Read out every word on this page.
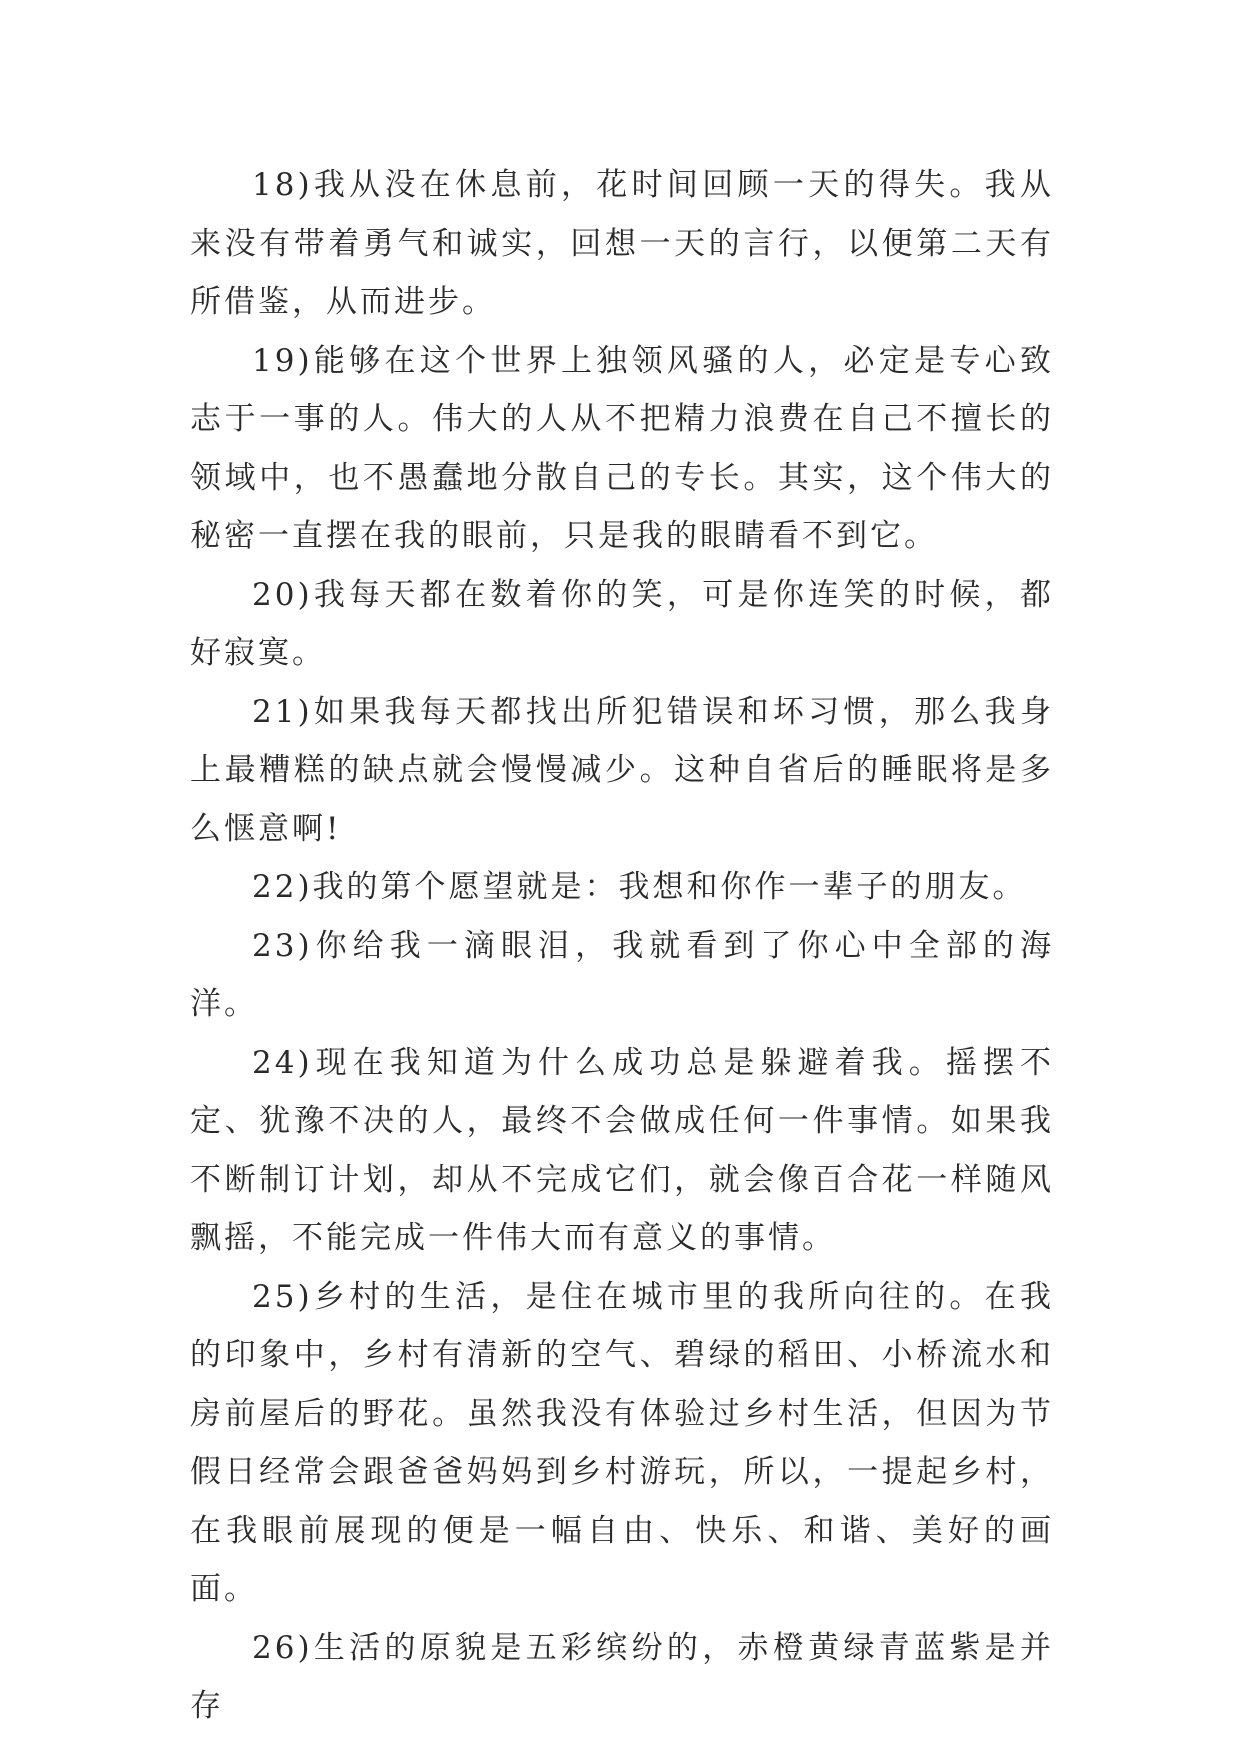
18)我从没在休息前，花时间回顾一天的得失。我从来没有带着勇气和诚实，回想一天的言行，以便第二天有所借鉴，从而进步。

19)能够在这个世界上独领风骚的人，必定是专心致志于一事的人。伟大的人从不把精力浪费在自己不擅长的领域中，也不愚蠢地分散自己的专长。其实，这个伟大的秘密一直摆在我的眼前，只是我的眼睛看不到它。

20)我每天都在数着你的笑，可是你连笑的时候，都好寂寞。

21)如果我每天都找出所犯错误和坏习惯，那么我身上最糟糕的缺点就会慢慢减少。这种自省后的睡眠将是多么惬意啊!

22)我的第个愿望就是：我想和你作一辈子的朋友。

23)你给我一滴眼泪，我就看到了你心中全部的海洋。

24)现在我知道为什么成功总是躲避着我。摇摆不定、犹豫不决的人，最终不会做成任何一件事情。如果我不断制订计划，却从不完成它们，就会像百合花一样随风飘摇，不能完成一件伟大而有意义的事情。

25)乡村的生活，是住在城市里的我所向往的。在我的印象中，乡村有清新的空气、碧绿的稻田、小桥流水和房前屋后的野花。虽然我没有体验过乡村生活，但因为节假日经常会跟爸爸妈妈到乡村游玩，所以，一提起乡村，在我眼前展现的便是一幅自由、快乐、和谐、美好的画面。

26)生活的原貌是五彩缤纷的，赤橙黄绿青蓝紫是并存
